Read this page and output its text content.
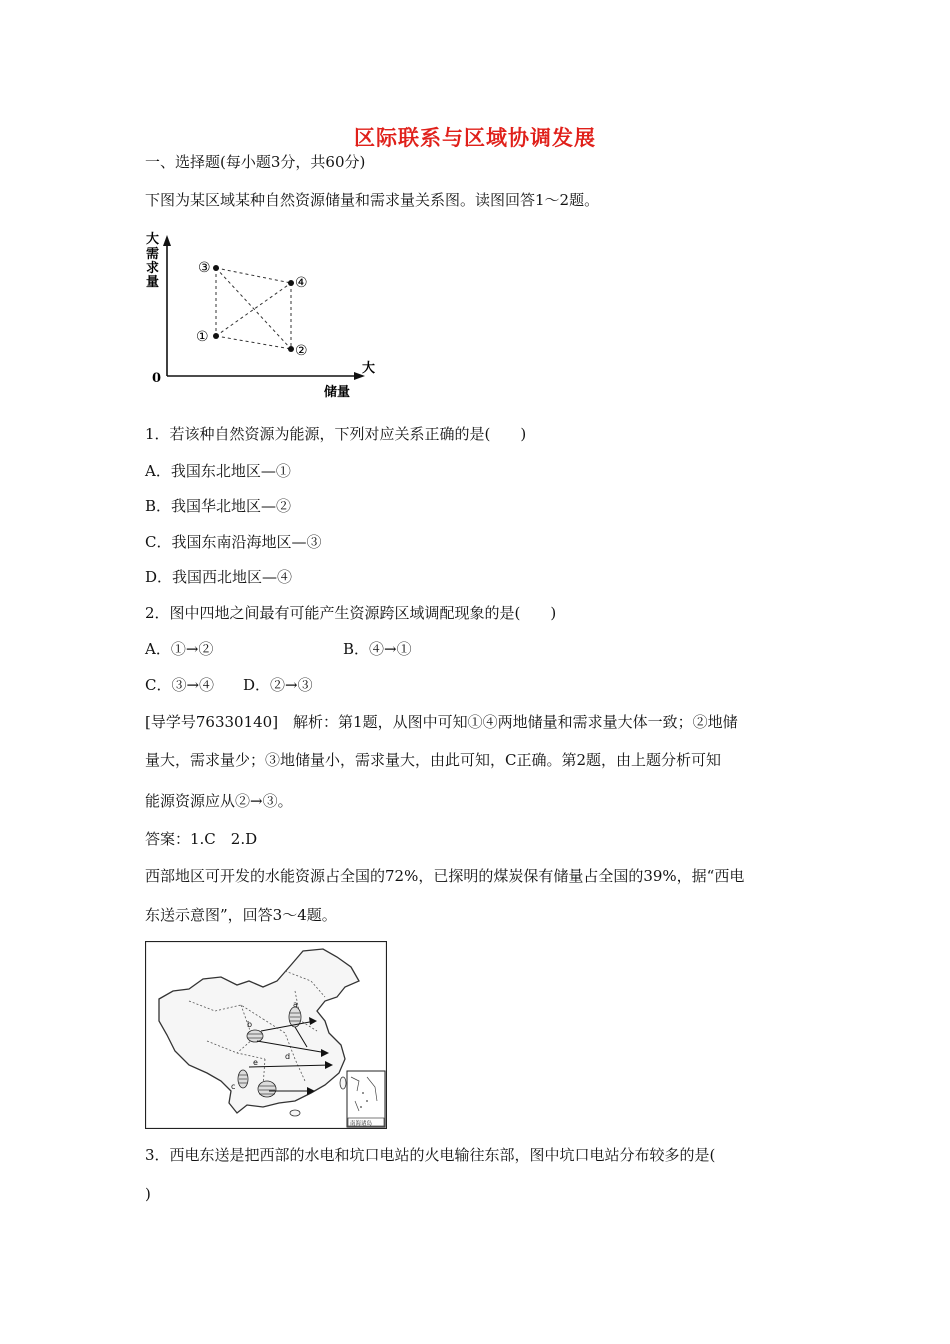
区际联系与区域协调发展
一、选择题(每小题3分，共60分)
下图为某区域某种自然资源储量和需求量关系图。读图回答1～2题。
大
需
求
量
0
大
储量
③
④
①
②
1．若该种自然资源为能源，下列对应关系正确的是(　　)
A．我国东北地区—①
B．我国华北地区—②
C．我国东南沿海地区—③
D．我国西北地区—④
2．图中四地之间最有可能产生资源跨区域调配现象的是(　　)
A．①→②	B．④→①
C．③→④ D．②→③
[导学号76330140]　解析：第1题，从图中可知①④两地储量和需求量大体一致；②地储
量大，需求量少；③地储量小，需求量大，由此可知，C正确。第2题，由上题分析可知
能源资源应从②→③。
答案：1.C　2.D
西部地区可开发的水能资源占全国的72%，已探明的煤炭保有储量占全国的39%，据“西电
东送示意图”，回答3～4题。
a
b
c
d
e
南海诸岛
3．西电东送是把西部的水电和坑口电站的火电输往东部，图中坑口电站分布较多的是(
)
